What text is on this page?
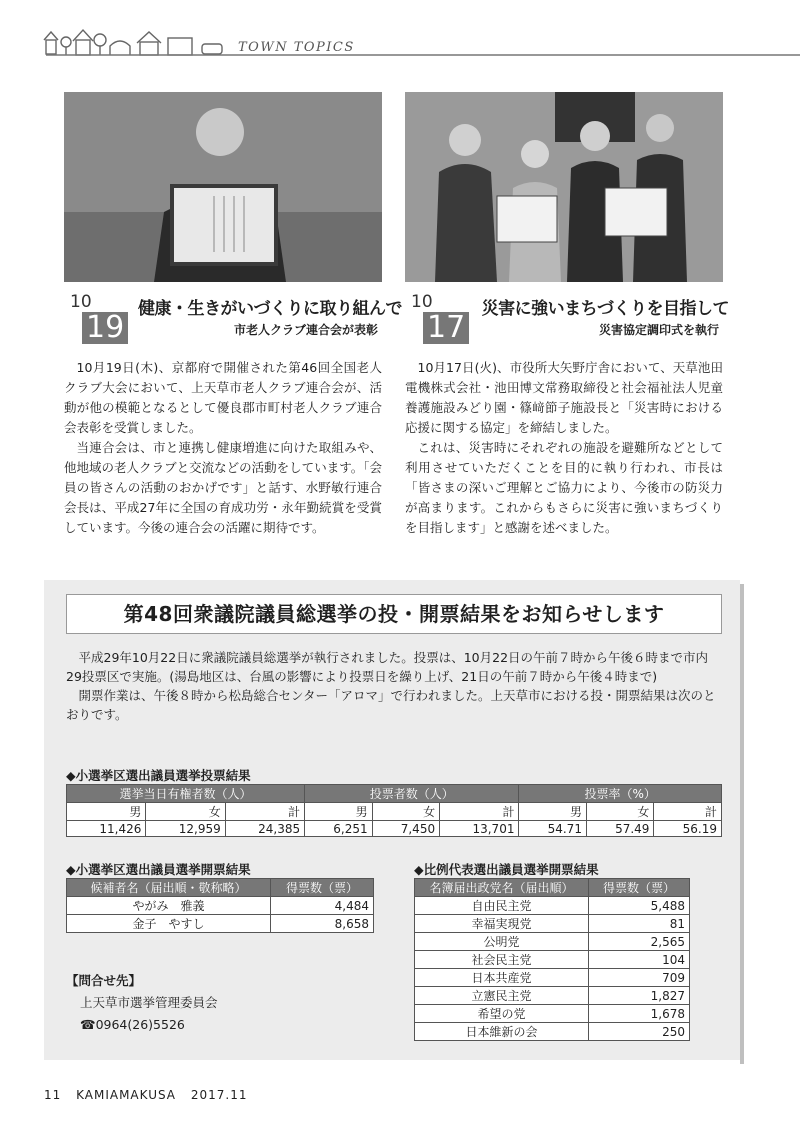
TOWN TOPICS
10
19
健康・生きがいづくりに取り組んで
市老人クラブ連合会が表彰

10月19日(木)、京都府で開催された第46回全国老人クラブ大会において、上天草市老人クラブ連合会が、活動が他の模範となるとして優良郡市町村老人クラブ連合会表彰を受賞しました。

当連合会は、市と連携し健康増進に向けた取組みや、他地域の老人クラブと交流などの活動をしています。「会員の皆さんの活動のおかげです」と話す、水野敏行連合会長は、平成27年に全国の育成功労・永年勤続賞を受賞しています。今後の連合会の活躍に期待です。

10
17
災害に強いまちづくりを目指して
災害協定調印式を執行

10月17日(火)、市役所大矢野庁舎において、天草池田電機株式会社・池田博文常務取締役と社会福祉法人児童養護施設みどり園・篠﨑節子施設長と「災害時における応援に関する協定」を締結しました。

これは、災害時にそれぞれの施設を避難所などとして利用させていただくことを目的に執り行われ、市長は「皆さまの深いご理解とご協力により、今後市の防災力が高まります。これからもさらに災害に強いまちづくりを目指します」と感謝を述べました。

第48回衆議院議員総選挙の投・開票結果をお知らせします

平成29年10月22日に衆議院議員総選挙が執行されました。投票は、10月22日の午前７時から午後６時まで市内29投票区で実施。(湯島地区は、台風の影響により投票日を繰り上げ、21日の午前７時から午後４時まで)

開票作業は、午後８時から松島総合センター「アロマ」で行われました。上天草市における投・開票結果は次のとおりです。

◆小選挙区選出議員選挙投票結果
選挙当日有権者数（人）			投票者数（人）			投票率（%）		
男	女	計	男	女	計	男	女	計
11,426	12,959	24,385	6,251	7,450	13,701	54.71	57.49	56.19
◆小選挙区選出議員選挙開票結果
候補者名（届出順・敬称略）	得票数（票）
やがみ　雅義	4,484
金子　やすし	8,658
◆比例代表選出議員選挙開票結果
名簿届出政党名（届出順）	得票数（票）
自由民主党	5,488
幸福実現党	81
公明党	2,565
社会民主党	104
日本共産党	709
立憲民主党	1,827
希望の党	1,678
日本維新の会	250
【問合せ先】
上天草市選挙管理委員会
☎0964(26)5526
11 KAMIAMAKUSA 2017.11
